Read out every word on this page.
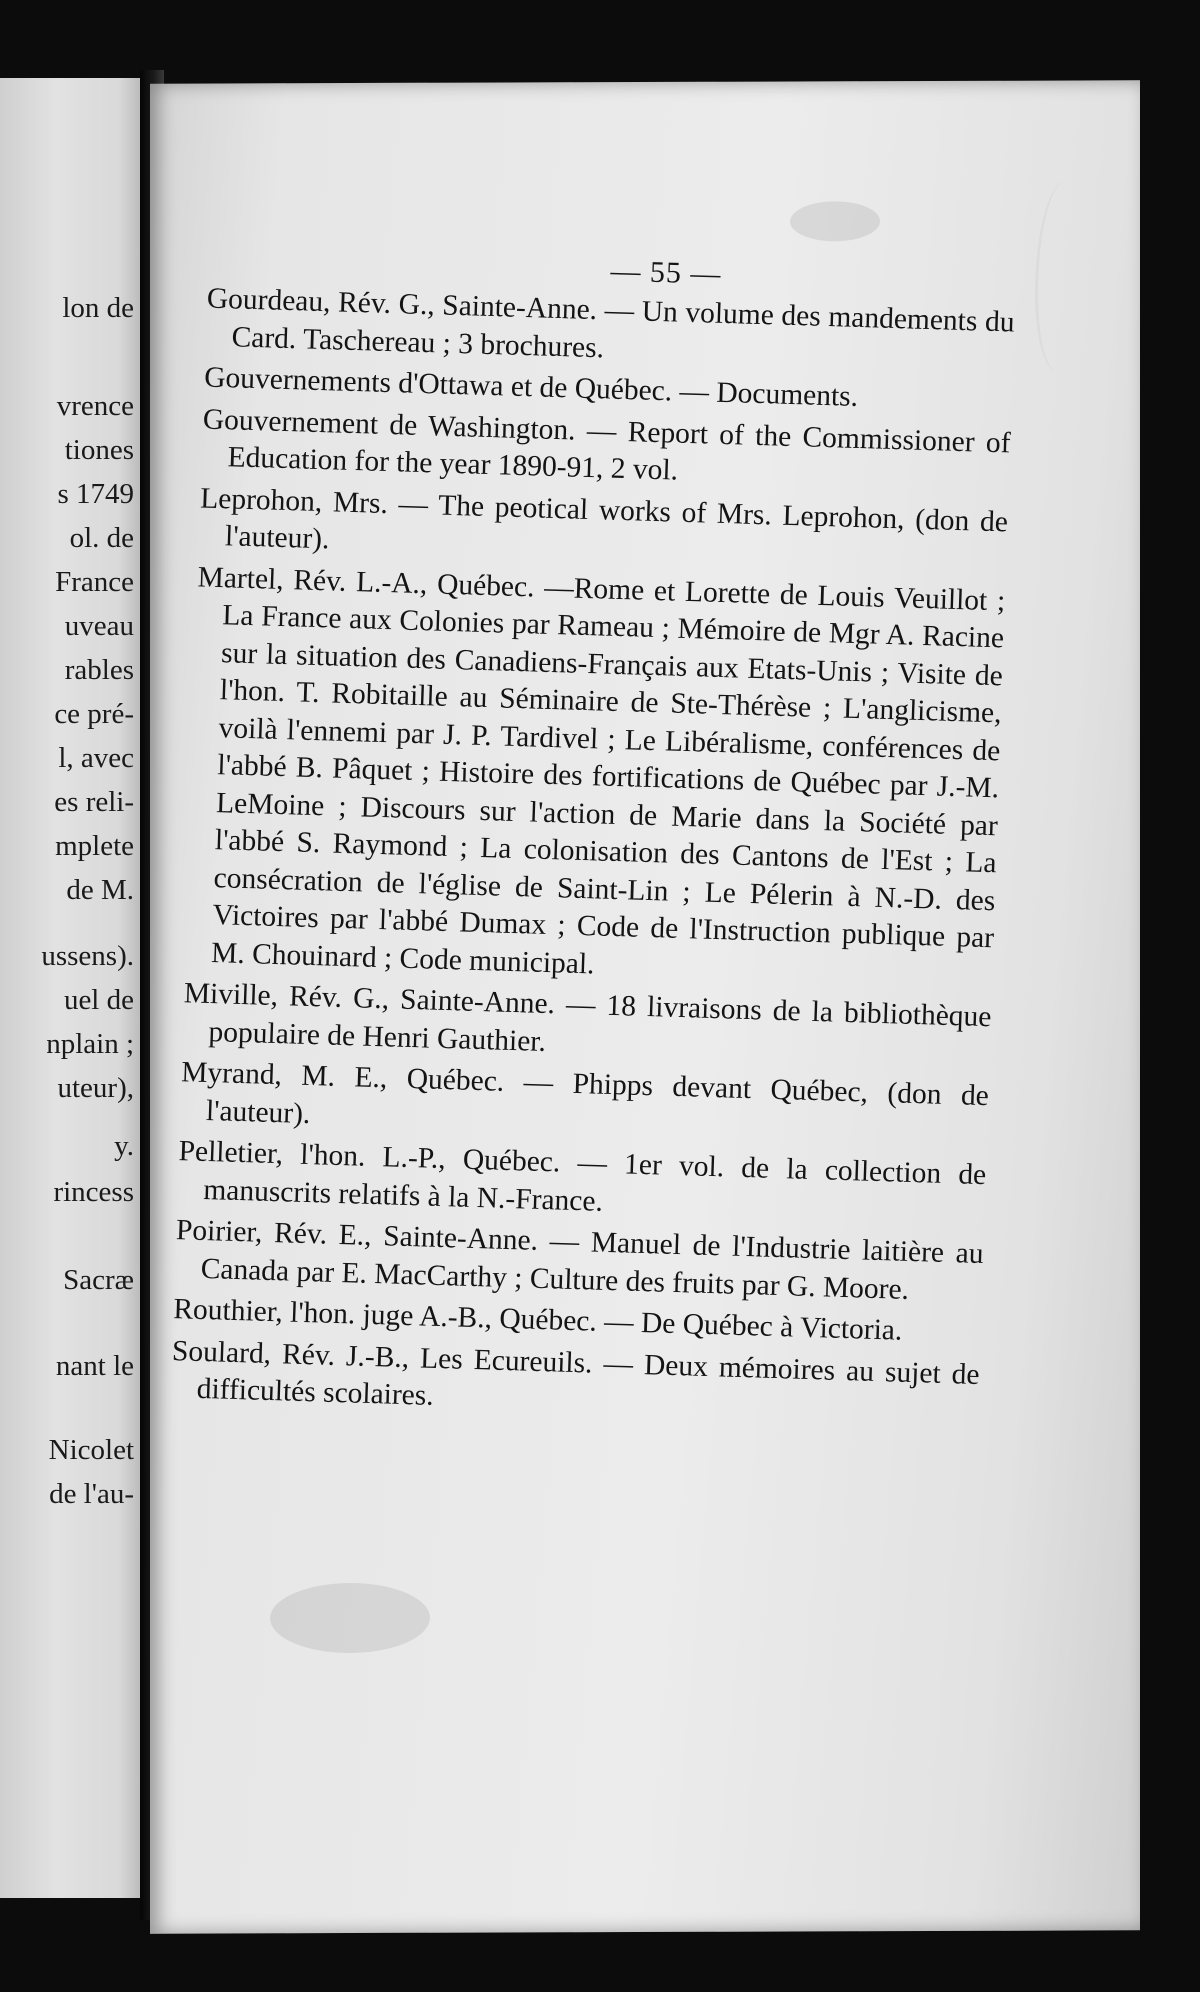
lon de
vrence
tiones
s 1749
ol. de
France
uveau
rables
ce pré-
l, avec
es reli-
mplete
de M.
ussens).
uel de
nplain ;
uteur),
y.
rincess
Sacræ
nant le
Nicolet
de l'au-
— 55 —

Gourdeau, Rév. G., Sainte-Anne. — Un volume des mandements du Card. Taschereau ; 3 brochures.

Gouvernements d'Ottawa et de Québec. — Documents.

Gouvernement de Washington. — Report of the Commissioner of Education for the year 1890-91, 2 vol.

Leprohon, Mrs. — The peotical works of Mrs. Leprohon, (don de l'auteur).

Martel, Rév. L.-A., Québec. —Rome et Lorette de Louis Veuillot ; La France aux Colonies par Rameau ; Mémoire de Mgr A. Racine sur la situation des Canadiens-Français aux Etats-Unis ; Visite de l'hon. T. Robitaille au Séminaire de Ste-Thérèse ; L'anglicisme, voilà l'ennemi par J. P. Tardivel ; Le Libéralisme, conférences de l'abbé B. Pâquet ; Histoire des fortifications de Québec par J.-M. LeMoine ; Discours sur l'action de Marie dans la Société par l'abbé S. Raymond ; La colonisation des Cantons de l'Est ; La consécration de l'église de Saint-Lin ; Le Pélerin à N.-D. des Victoires par l'abbé Dumax ; Code de l'Instruction publique par M. Chouinard ; Code municipal.

Miville, Rév. G., Sainte-Anne. — 18 livraisons de la bibliothèque populaire de Henri Gauthier.

Myrand, M. E., Québec. — Phipps devant Québec, (don de l'auteur).

Pelletier, l'hon. L.-P., Québec. — 1er vol. de la collection de manuscrits relatifs à la N.-France.

Poirier, Rév. E., Sainte-Anne. — Manuel de l'Industrie laitière au Canada par E. MacCarthy ; Culture des fruits par G. Moore.

Routhier, l'hon. juge A.-B., Québec. — De Québec à Victoria.

Soulard, Rév. J.-B., Les Ecureuils. — Deux mémoires au sujet de difficultés scolaires.
